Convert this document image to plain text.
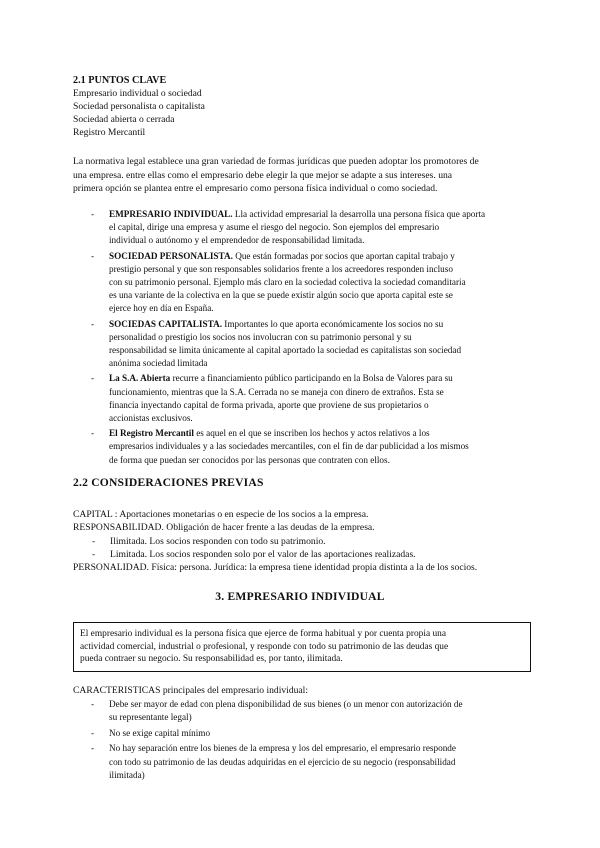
2.1 PUNTOS CLAVE
Empresario individual o sociedad
Sociedad personalista o capitalista
Sociedad abierta o cerrada
Registro Mercantil
La normativa legal establece una gran variedad de formas jurídicas que pueden adoptar los promotores de
una empresa. entre ellas como el empresario debe elegir la que mejor se adapte a sus intereses. una
primera opción se plantea entre el empresario como persona física individual o como sociedad.
- EMPRESARIO INDIVIDUAL. Lla actividad empresarial la desarrolla una persona física que aporta
el capital, dirige una empresa y asume el riesgo del negocio. Son ejemplos del empresario
individual o autónomo y el emprendedor de responsabilidad limitada.
- SOCIEDAD PERSONALISTA. Que están formadas por socios que aportan capital trabajo y
prestigio personal y que son responsables solidarios frente a los acreedores responden incluso
con su patrimonio personal. Ejemplo más claro en la sociedad colectiva la sociedad comanditaria
es una variante de la colectiva en la que se puede existir algún socio que aporta capital este se
ejerce hoy en día en España.
- SOCIEDAS CAPITALISTA. Importantes lo que aporta económicamente los socios no su
personalidad o prestigio los socios nos involucran con su patrimonio personal y su
responsabilidad se limita únicamente al capital aportado la sociedad es capitalistas son sociedad
anónima sociedad limitada
- La S.A. Abierta recurre a financiamiento público participando en la Bolsa de Valores para su
funcionamiento, mientras que la S.A. Cerrada no se maneja con dinero de extraños. Esta se
financia inyectando capital de forma privada, aporte que proviene de sus propietarios o
accionistas exclusivos.
- El Registro Mercantil es aquel en el que se inscriben los hechos y actos relativos a los
empresarios individuales y a las sociedades mercantiles, con el fin de dar publicidad a los mismos
de forma que puedan ser conocidos por las personas que contraten con ellos.
2.2 CONSIDERACIONES PREVIAS
CAPITAL : Aportaciones monetarias o en especie de los socios a la empresa.
RESPONSABILIDAD. Obligación de hacer frente a las deudas de la empresa.
- Ilimitada. Los socios responden con todo su patrimonio.
- Limitada. Los socios responden solo por el valor de las aportaciones realizadas.
PERSONALIDAD. Física: persona. Jurídica: la empresa tiene identidad propia distinta a la de los socios.
3. EMPRESARIO INDIVIDUAL
El empresario individual es la persona física que ejerce de forma habitual y por cuenta propia una
actividad comercial, industrial o profesional, y responde con todo su patrimonio de las deudas que
pueda contraer su negocio. Su responsabilidad es, por tanto, ilimitada.
CARACTERISTICAS principales del empresario individual:
- Debe ser mayor de edad con plena disponibilidad de sus bienes (o un menor con autorización de
su representante legal)
- No se exige capital mínimo
- No hay separación entre los bienes de la empresa y los del empresario, el empresario responde
con todo su patrimonio de las deudas adquiridas en el ejercicio de su negocio (responsabilidad
ilimitada)
